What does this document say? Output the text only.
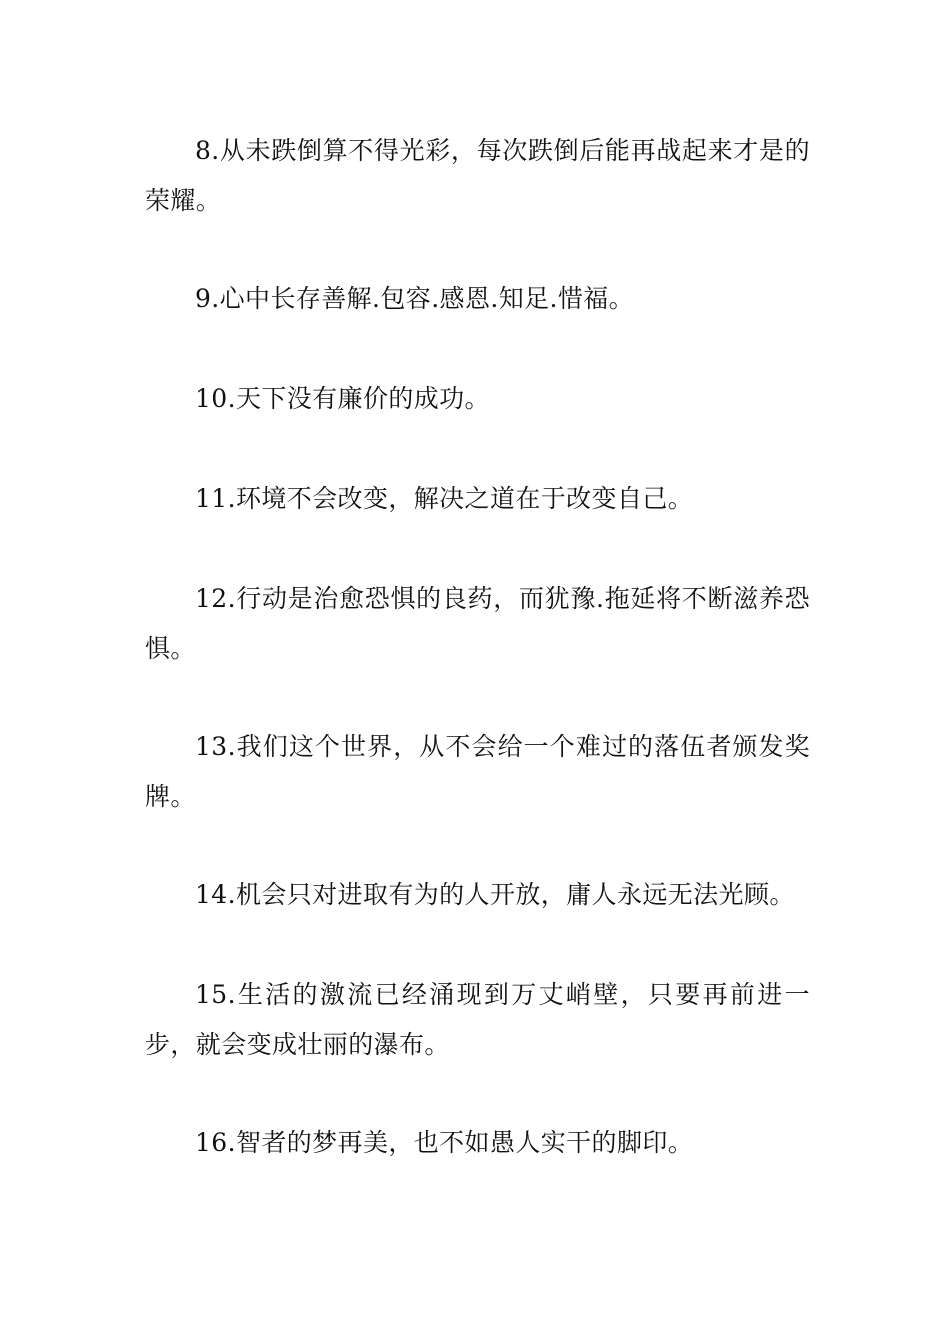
8.从未跌倒算不得光彩，每次跌倒后能再战起来才是的荣耀。

9.心中长存善解.包容.感恩.知足.惜福。

10.天下没有廉价的成功。

11.环境不会改变，解决之道在于改变自己。

12.行动是治愈恐惧的良药，而犹豫.拖延将不断滋养恐惧。

13.我们这个世界，从不会给一个难过的落伍者颁发奖牌。

14.机会只对进取有为的人开放，庸人永远无法光顾。

15.生活的激流已经涌现到万丈峭壁，只要再前进一步，就会变成壮丽的瀑布。

16.智者的梦再美，也不如愚人实干的脚印。
